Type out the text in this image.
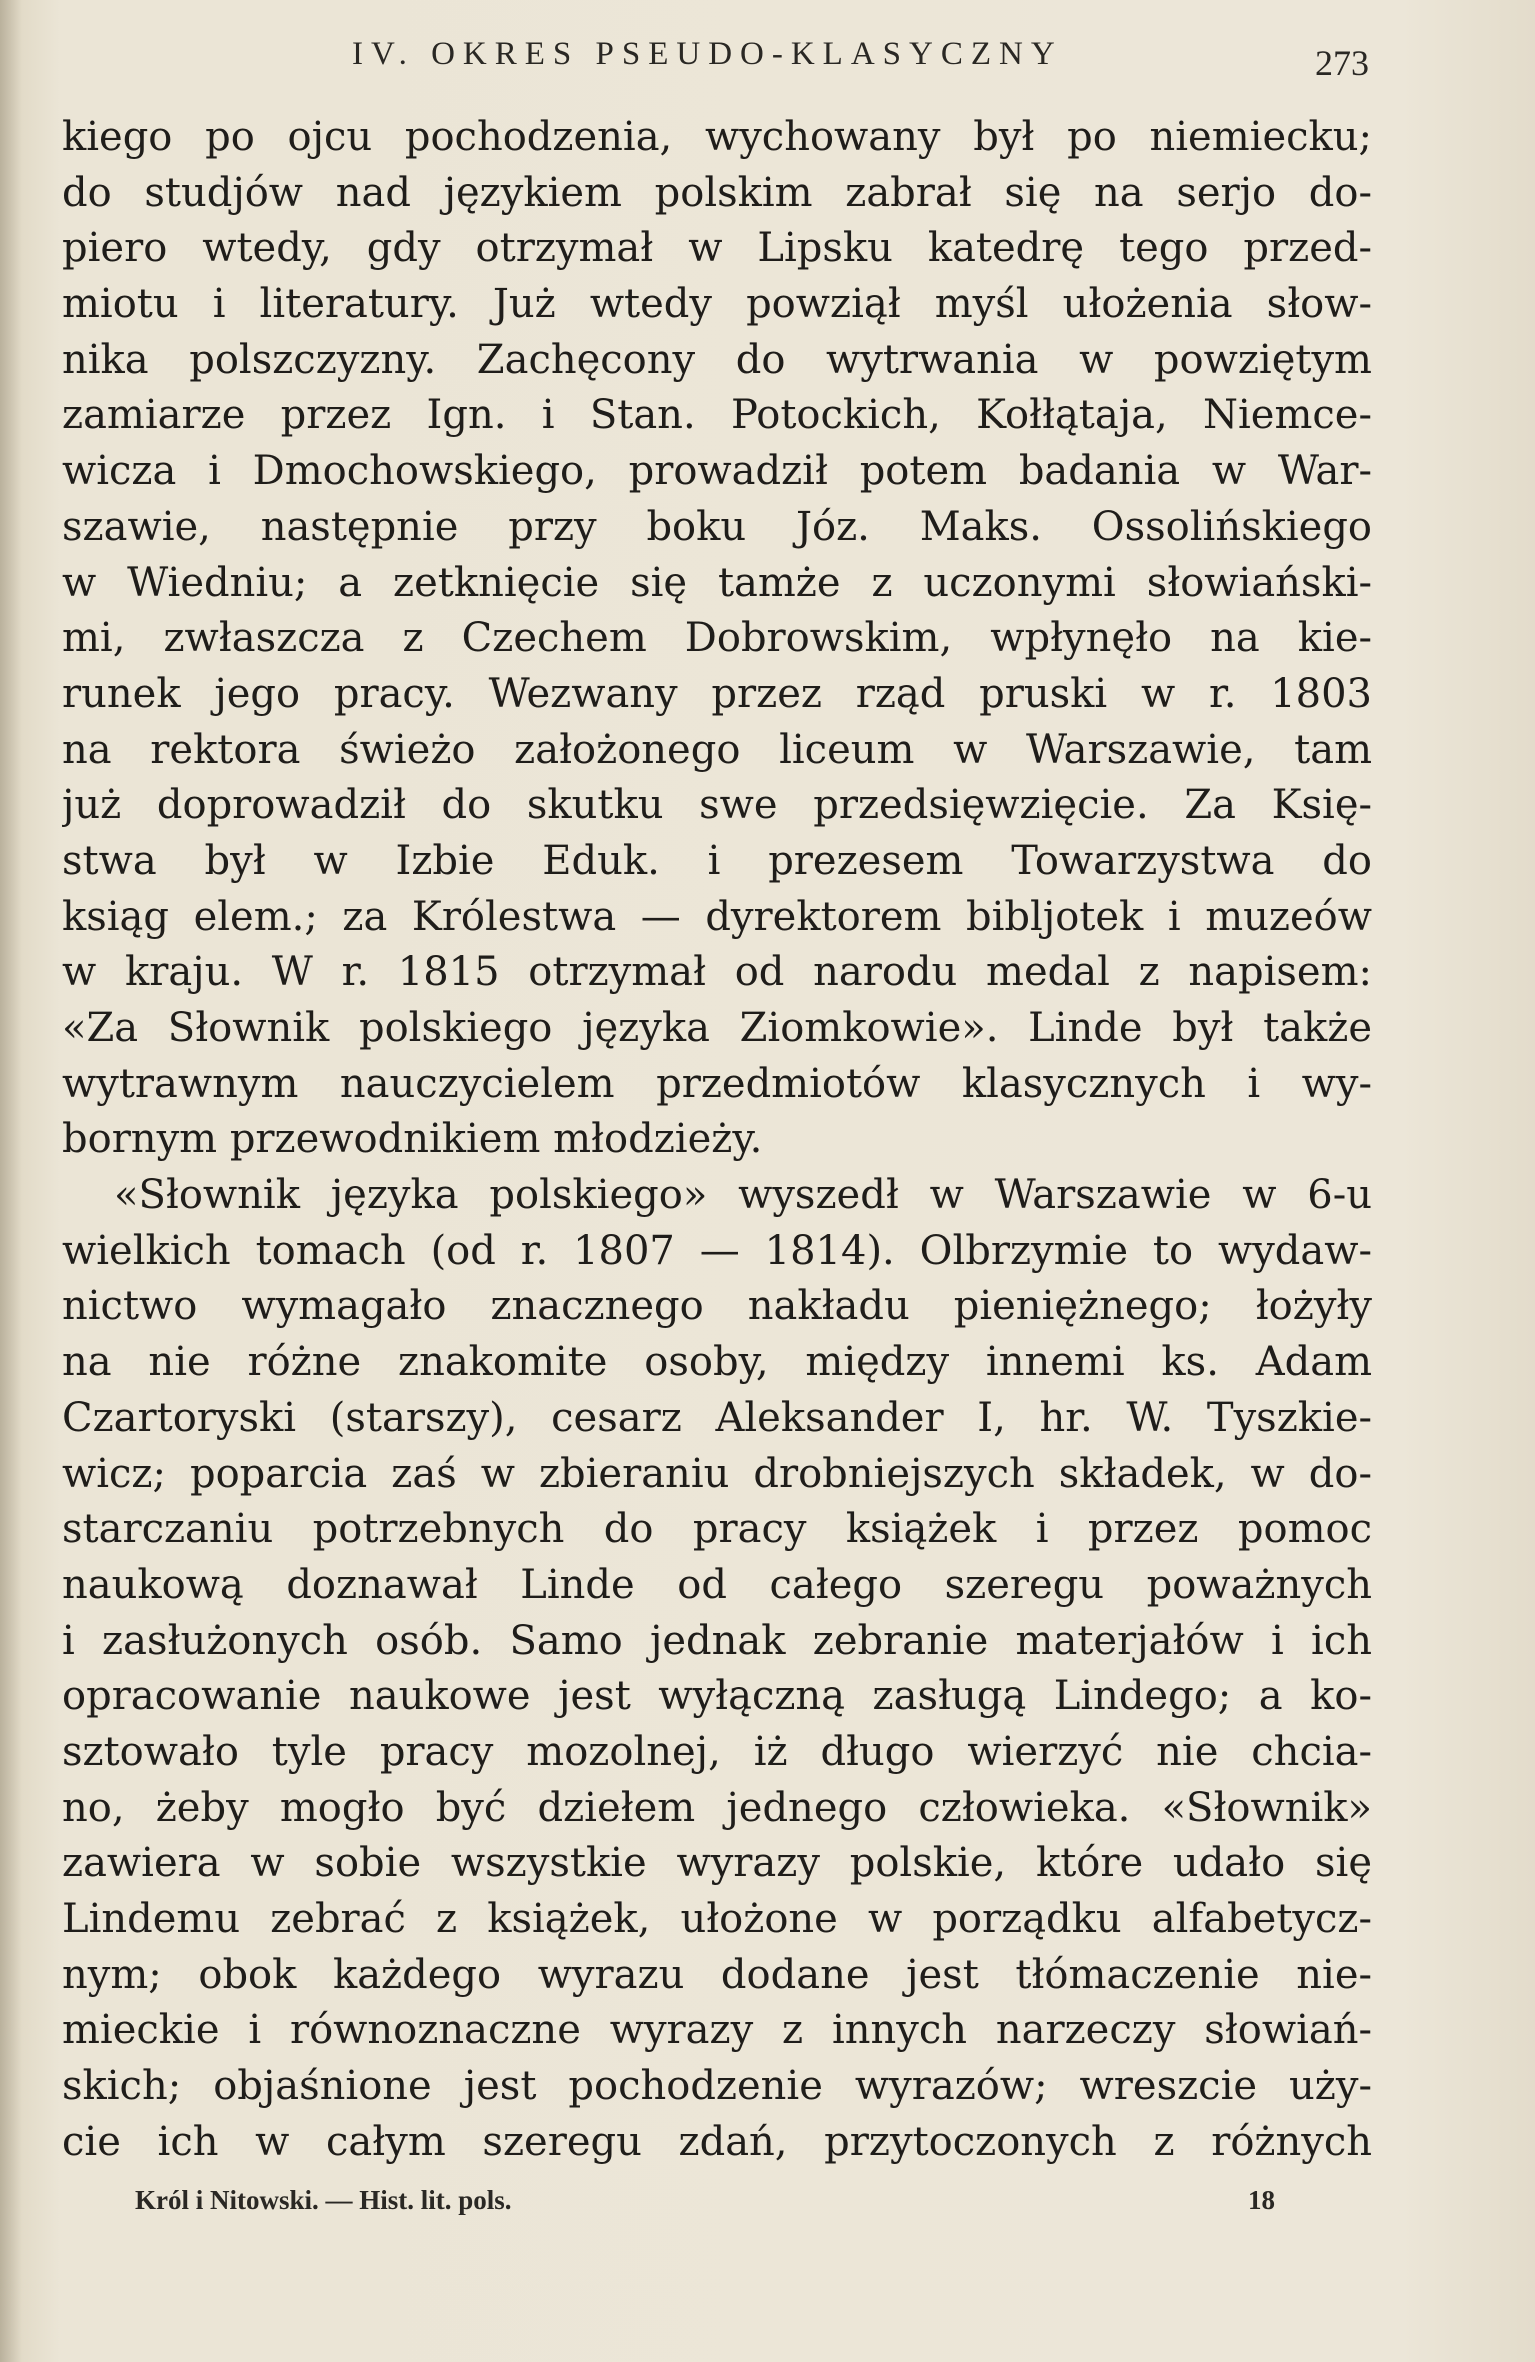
IV. OKRES PSEUDO-KLASYCZNY	273
kiego po ojcu pochodzenia, wychowany był po niemiecku;
do studjów nad językiem polskim zabrał się na serjo do-
piero wtedy, gdy otrzymał w Lipsku katedrę tego przed-
miotu i literatury. Już wtedy powziął myśl ułożenia słow-
nika polszczyzny. Zachęcony do wytrwania w powziętym
zamiarze przez Ign. i Stan. Potockich, Kołłątaja, Niemce-
wicza i Dmochowskiego, prowadził potem badania w War-
szawie, następnie przy boku Józ. Maks. Ossolińskiego
w Wiedniu; a zetknięcie się tamże z uczonymi słowiański-
mi, zwłaszcza z Czechem Dobrowskim, wpłynęło na kie-
runek jego pracy. Wezwany przez rząd pruski w r. 1803
na rektora świeżo założonego liceum w Warszawie, tam
już doprowadził do skutku swe przedsięwzięcie. Za Księ-
stwa był w Izbie Eduk. i prezesem Towarzystwa do
ksiąg elem.; za Królestwa — dyrektorem bibljotek i muzeów
w kraju. W r. 1815 otrzymał od narodu medal z napisem:
«Za Słownik polskiego języka Ziomkowie». Linde był także
wytrawnym nauczycielem przedmiotów klasycznych i wy-
bornym przewodnikiem młodzieży.
«Słownik języka polskiego» wyszedł w Warszawie w 6-u
wielkich tomach (od r. 1807 — 1814). Olbrzymie to wydaw-
nictwo wymagało znacznego nakładu pieniężnego; łożyły
na nie różne znakomite osoby, między innemi ks. Adam
Czartoryski (starszy), cesarz Aleksander I, hr. W. Tyszkie-
wicz; poparcia zaś w zbieraniu drobniejszych składek, w do-
starczaniu potrzebnych do pracy książek i przez pomoc
naukową doznawał Linde od całego szeregu poważnych
i zasłużonych osób. Samo jednak zebranie materjałów i ich
opracowanie naukowe jest wyłączną zasługą Lindego; a ko-
sztowało tyle pracy mozolnej, iż długo wierzyć nie chcia-
no, żeby mogło być dziełem jednego człowieka. «Słownik»
zawiera w sobie wszystkie wyrazy polskie, które udało się
Lindemu zebrać z książek, ułożone w porządku alfabetycz-
nym; obok każdego wyrazu dodane jest tłómaczenie nie-
mieckie i równoznaczne wyrazy z innych narzeczy słowiań-
skich; objaśnione jest pochodzenie wyrazów; wreszcie uży-
cie ich w całym szeregu zdań, przytoczonych z różnych
Król i Nitowski. — Hist. lit. pols.	18
